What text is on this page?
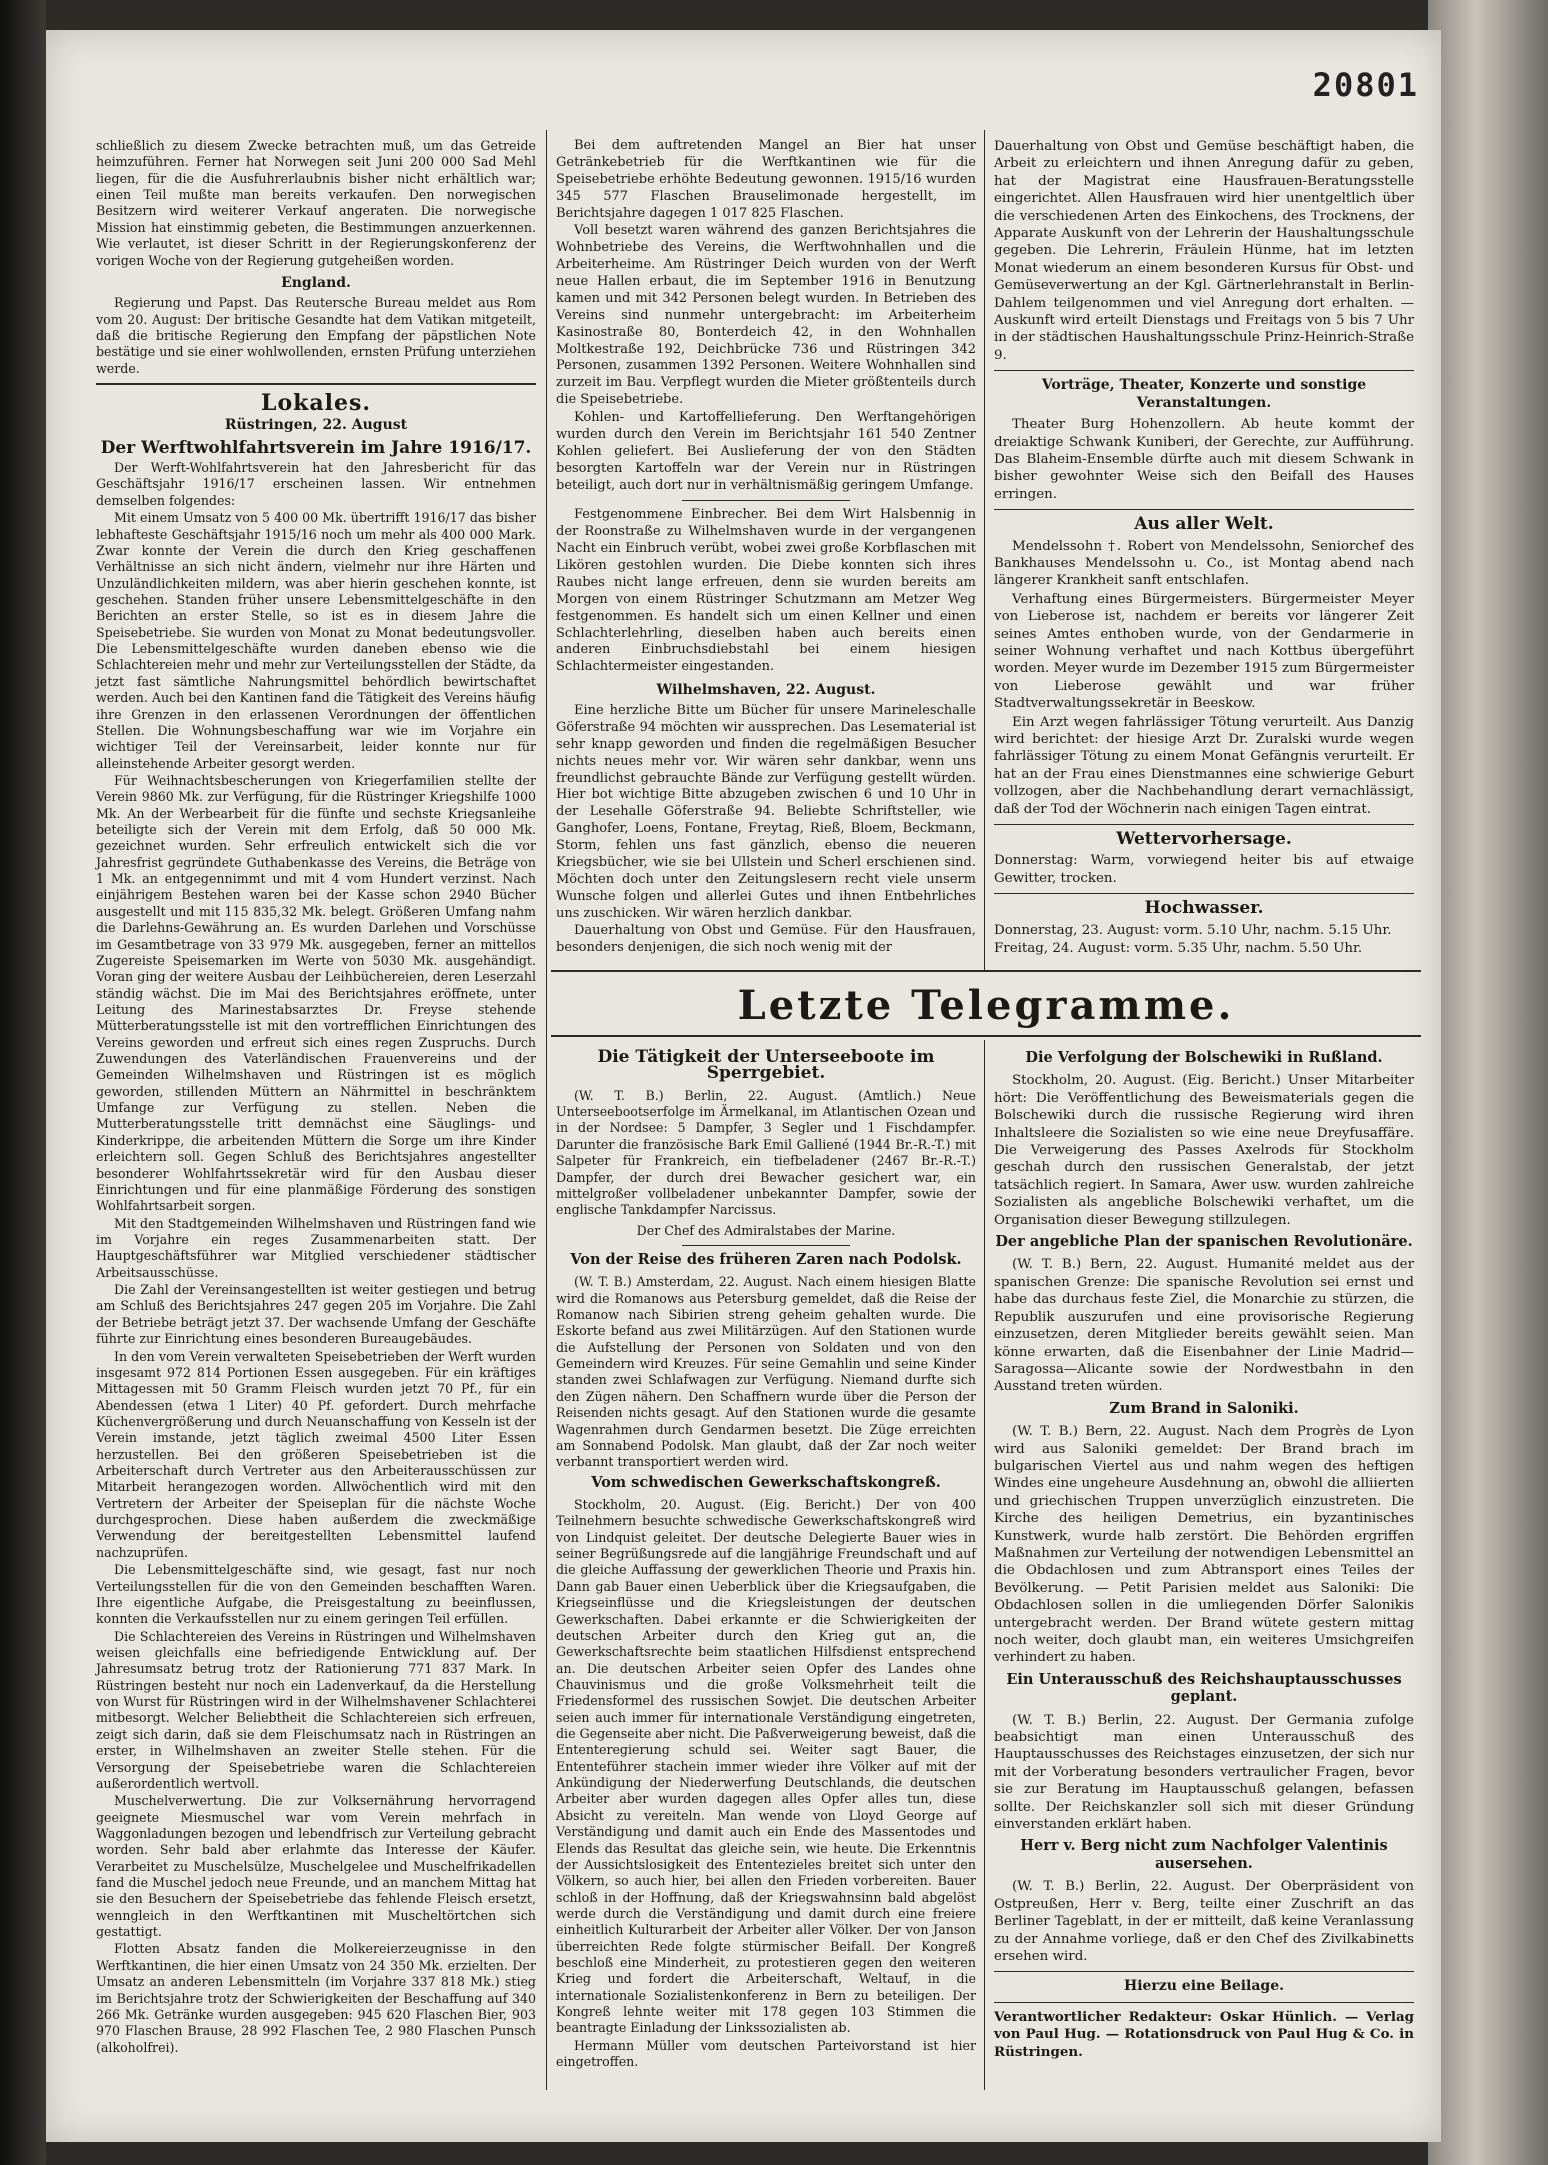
20801

schließlich zu diesem Zwecke betrachten muß, um das Getreide heimzuführen. Ferner hat Norwegen seit Juni 200 000 Sad Mehl liegen, für die die Ausfuhrerlaubnis bisher nicht erhältlich war; einen Teil mußte man bereits verkaufen. Den norwegischen Besitzern wird weiterer Verkauf angeraten. Die norwegische Mission hat einstimmig gebeten, die Bestimmungen anzuerkennen. Wie verlautet, ist dieser Schritt in der Regierungskonferenz der vorigen Woche von der Regierung gutgeheißen worden.

England.

Regierung und Papst. Das Reutersche Bureau meldet aus Rom vom 20. August: Der britische Gesandte hat dem Vatikan mitgeteilt, daß die britische Regierung den Empfang der päpstlichen Note bestätige und sie einer wohlwollenden, ernsten Prüfung unterziehen werde.

Lokales.
Rüstringen, 22. August
Der Werftwohlfahrtsverein im Jahre 1916/17.

Der Werft-Wohlfahrtsverein hat den Jahresbericht für das Geschäftsjahr 1916/17 erscheinen lassen. Wir entnehmen demselben folgendes:

Mit einem Umsatz von 5 400 00 Mk. übertrifft 1916/17 das bisher lebhafteste Geschäftsjahr 1915/16 noch um mehr als 400 000 Mark. Zwar konnte der Verein die durch den Krieg geschaffenen Verhältnisse an sich nicht ändern, vielmehr nur ihre Härten und Unzuländlichkeiten mildern, was aber hierin geschehen konnte, ist geschehen. Standen früher unsere Lebensmittelgeschäfte in den Berichten an erster Stelle, so ist es in diesem Jahre die Speisebetriebe. Sie wurden von Monat zu Monat bedeutungsvoller. Die Lebensmittelgeschäfte wurden daneben ebenso wie die Schlachtereien mehr und mehr zur Verteilungsstellen der Städte, da jetzt fast sämtliche Nahrungsmittel behördlich bewirtschaftet werden. Auch bei den Kantinen fand die Tätigkeit des Vereins häufig ihre Grenzen in den erlassenen Verordnungen der öffentlichen Stellen. Die Wohnungsbeschaffung war wie im Vorjahre ein wichtiger Teil der Vereinsarbeit, leider konnte nur für alleinstehende Arbeiter gesorgt werden.

Für Weihnachtsbescherungen von Kriegerfamilien stellte der Verein 9860 Mk. zur Verfügung, für die Rüstringer Kriegshilfe 1000 Mk. An der Werbearbeit für die fünfte und sechste Kriegsanleihe beteiligte sich der Verein mit dem Erfolg, daß 50 000 Mk. gezeichnet wurden. Sehr erfreulich entwickelt sich die vor Jahresfrist gegründete Guthabenkasse des Vereins, die Beträge von 1 Mk. an entgegennimmt und mit 4 vom Hundert verzinst. Nach einjährigem Bestehen waren bei der Kasse schon 2940 Bücher ausgestellt und mit 115 835,32 Mk. belegt. Größeren Umfang nahm die Darlehns-Gewährung an. Es wurden Darlehen und Vorschüsse im Gesamtbetrage von 33 979 Mk. ausgegeben, ferner an mittellos Zugereiste Speisemarken im Werte von 5030 Mk. ausgehändigt. Voran ging der weitere Ausbau der Leihbüchereien, deren Leserzahl ständig wächst. Die im Mai des Berichtsjahres eröffnete, unter Leitung des Marinestabsarztes Dr. Freyse stehende Mütterberatungsstelle ist mit den vortrefflichen Einrichtungen des Vereins geworden und erfreut sich eines regen Zuspruchs. Durch Zuwendungen des Vaterländischen Frauenvereins und der Gemeinden Wilhelmshaven und Rüstringen ist es möglich geworden, stillenden Müttern an Nährmittel in beschränktem Umfange zur Verfügung zu stellen. Neben die Mutterberatungsstelle tritt demnächst eine Säuglings- und Kinderkrippe, die arbeitenden Müttern die Sorge um ihre Kinder erleichtern soll. Gegen Schluß des Berichtsjahres angestellter besonderer Wohlfahrtssekretär wird für den Ausbau dieser Einrichtungen und für eine planmäßige Förderung des sonstigen Wohlfahrtsarbeit sorgen.

Mit den Stadtgemeinden Wilhelmshaven und Rüstringen fand wie im Vorjahre ein reges Zusammenarbeiten statt. Der Hauptgeschäftsführer war Mitglied verschiedener städtischer Arbeitsausschüsse.

Die Zahl der Vereinsangestellten ist weiter gestiegen und betrug am Schluß des Berichtsjahres 247 gegen 205 im Vorjahre. Die Zahl der Betriebe beträgt jetzt 37. Der wachsende Umfang der Geschäfte führte zur Einrichtung eines besonderen Bureaugebäudes.

In den vom Verein verwalteten Speisebetrieben der Werft wurden insgesamt 972 814 Portionen Essen ausgegeben. Für ein kräftiges Mittagessen mit 50 Gramm Fleisch wurden jetzt 70 Pf., für ein Abendessen (etwa 1 Liter) 40 Pf. gefordert. Durch mehrfache Küchenvergrößerung und durch Neuanschaffung von Kesseln ist der Verein imstande, jetzt täglich zweimal 4500 Liter Essen herzustellen. Bei den größeren Speisebetrieben ist die Arbeiterschaft durch Vertreter aus den Arbeiterausschüssen zur Mitarbeit herangezogen worden. Allwöchentlich wird mit den Vertretern der Arbeiter der Speiseplan für die nächste Woche durchgesprochen. Diese haben außerdem die zweckmäßige Verwendung der bereitgestellten Lebensmittel laufend nachzuprüfen.

Die Lebensmittelgeschäfte sind, wie gesagt, fast nur noch Verteilungsstellen für die von den Gemeinden beschafften Waren. Ihre eigentliche Aufgabe, die Preisgestaltung zu beeinflussen, konnten die Verkaufsstellen nur zu einem geringen Teil erfüllen.

Die Schlachtereien des Vereins in Rüstringen und Wilhelmshaven weisen gleichfalls eine befriedigende Entwicklung auf. Der Jahresumsatz betrug trotz der Rationierung 771 837 Mark. In Rüstringen besteht nur noch ein Ladenverkauf, da die Herstellung von Wurst für Rüstringen wird in der Wilhelmshavener Schlachterei mitbesorgt. Welcher Beliebtheit die Schlachtereien sich erfreuen, zeigt sich darin, daß sie dem Fleischumsatz nach in Rüstringen an erster, in Wilhelmshaven an zweiter Stelle stehen. Für die Versorgung der Speisebetriebe waren die Schlachtereien außerordentlich wertvoll.

Muschelverwertung. Die zur Volksernährung hervorragend geeignete Miesmuschel war vom Verein mehrfach in Waggonladungen bezogen und lebendfrisch zur Verteilung gebracht worden. Sehr bald aber erlahmte das Interesse der Käufer. Verarbeitet zu Muschelsülze, Muschelgelee und Muschelfrikadellen fand die Muschel jedoch neue Freunde, und an manchem Mittag hat sie den Besuchern der Speisebetriebe das fehlende Fleisch ersetzt, wenngleich in den Werftkantinen mit Muscheltörtchen sich gestattigt.

Flotten Absatz fanden die Molkereierzeugnisse in den Werftkantinen, die hier einen Umsatz von 24 350 Mk. erzielten. Der Umsatz an anderen Lebensmitteln (im Vorjahre 337 818 Mk.) stieg im Berichtsjahre trotz der Schwierigkeiten der Beschaffung auf 340 266 Mk. Getränke wurden ausgegeben: 945 620 Flaschen Bier, 903 970 Flaschen Brause, 28 992 Flaschen Tee, 2 980 Flaschen Punsch (alkoholfrei).

Bei dem auftretenden Mangel an Bier hat unser Getränkebetrieb für die Werftkantinen wie für die Speisebetriebe erhöhte Bedeutung gewonnen. 1915/16 wurden 345 577 Flaschen Brauselimonade hergestellt, im Berichtsjahre dagegen 1 017 825 Flaschen.

Voll besetzt waren während des ganzen Berichtsjahres die Wohnbetriebe des Vereins, die Werftwohnhallen und die Arbeiterheime. Am Rüstringer Deich wurden von der Werft neue Hallen erbaut, die im September 1916 in Benutzung kamen und mit 342 Personen belegt wurden. In Betrieben des Vereins sind nunmehr untergebracht: im Arbeiterheim Kasinostraße 80, Bonterdeich 42, in den Wohnhallen Moltkestraße 192, Deichbrücke 736 und Rüstringen 342 Personen, zusammen 1392 Personen. Weitere Wohnhallen sind zurzeit im Bau. Verpflegt wurden die Mieter größtenteils durch die Speisebetriebe.

Kohlen- und Kartoffellieferung. Den Werftangehörigen wurden durch den Verein im Berichtsjahr 161 540 Zentner Kohlen geliefert. Bei Auslieferung der von den Städten besorgten Kartoffeln war der Verein nur in Rüstringen beteiligt, auch dort nur in verhältnismäßig geringem Umfange.

Festgenommene Einbrecher. Bei dem Wirt Halsbennig in der Roonstraße zu Wilhelmshaven wurde in der vergangenen Nacht ein Einbruch verübt, wobei zwei große Korbflaschen mit Likören gestohlen wurden. Die Diebe konnten sich ihres Raubes nicht lange erfreuen, denn sie wurden bereits am Morgen von einem Rüstringer Schutzmann am Metzer Weg festgenommen. Es handelt sich um einen Kellner und einen Schlachterlehrling, dieselben haben auch bereits einen anderen Einbruchsdiebstahl bei einem hiesigen Schlachtermeister eingestanden.

Wilhelmshaven, 22. August.

Eine herzliche Bitte um Bücher für unsere Marineleschalle Göferstraße 94 möchten wir aussprechen. Das Lesematerial ist sehr knapp geworden und finden die regelmäßigen Besucher nichts neues mehr vor. Wir wären sehr dankbar, wenn uns freundlichst gebrauchte Bände zur Verfügung gestellt würden. Hier bot wichtige Bitte abzugeben zwischen 6 und 10 Uhr in der Lesehalle Göferstraße 94. Beliebte Schriftsteller, wie Ganghofer, Loens, Fontane, Freytag, Rieß, Bloem, Beckmann, Storm, fehlen uns fast gänzlich, ebenso die neueren Kriegsbücher, wie sie bei Ullstein und Scherl erschienen sind. Möchten doch unter den Zeitungslesern recht viele unserm Wunsche folgen und allerlei Gutes und ihnen Entbehrliches uns zuschicken. Wir wären herzlich dankbar.

Dauerhaltung von Obst und Gemüse. Für den Hausfrauen, besonders denjenigen, die sich noch wenig mit der

Dauerhaltung von Obst und Gemüse beschäftigt haben, die Arbeit zu erleichtern und ihnen Anregung dafür zu geben, hat der Magistrat eine Hausfrauen-Beratungsstelle eingerichtet. Allen Hausfrauen wird hier unentgeltlich über die verschiedenen Arten des Einkochens, des Trocknens, der Apparate Auskunft von der Lehrerin der Haushaltungsschule gegeben. Die Lehrerin, Fräulein Hünme, hat im letzten Monat wiederum an einem besonderen Kursus für Obst- und Gemüseverwertung an der Kgl. Gärtnerlehranstalt in Berlin-Dahlem teilgenommen und viel Anregung dort erhalten. — Auskunft wird erteilt Dienstags und Freitags von 5 bis 7 Uhr in der städtischen Haushaltungsschule Prinz-Heinrich-Straße 9.

Vorträge, Theater, Konzerte und sonstige Veranstaltungen.

Theater Burg Hohenzollern. Ab heute kommt der dreiaktige Schwank Kuniberi, der Gerechte, zur Aufführung. Das Blaheim-Ensemble dürfte auch mit diesem Schwank in bisher gewohnter Weise sich den Beifall des Hauses erringen.

Aus aller Welt.

Mendelssohn †. Robert von Mendelssohn, Seniorchef des Bankhauses Mendelssohn u. Co., ist Montag abend nach längerer Krankheit sanft entschlafen.

Verhaftung eines Bürgermeisters. Bürgermeister Meyer von Lieberose ist, nachdem er bereits vor längerer Zeit seines Amtes enthoben wurde, von der Gendarmerie in seiner Wohnung verhaftet und nach Kottbus übergeführt worden. Meyer wurde im Dezember 1915 zum Bürgermeister von Lieberose gewählt und war früher Stadtverwaltungssekretär in Beeskow.

Ein Arzt wegen fahrlässiger Tötung verurteilt. Aus Danzig wird berichtet: der hiesige Arzt Dr. Zuralski wurde wegen fahrlässiger Tötung zu einem Monat Gefängnis verurteilt. Er hat an der Frau eines Dienstmannes eine schwierige Geburt vollzogen, aber die Nachbehandlung derart vernachlässigt, daß der Tod der Wöchnerin nach einigen Tagen eintrat.

Wettervorhersage.

Donnerstag: Warm, vorwiegend heiter bis auf etwaige Gewitter, trocken.

Hochwasser.

Donnerstag, 23. August: vorm. 5.10 Uhr, nachm. 5.15 Uhr.

Freitag, 24. August: vorm. 5.35 Uhr, nachm. 5.50 Uhr.

Letzte Telegramme.
Die Tätigkeit der Unterseeboote im Sperrgebiet.

(W. T. B.) Berlin, 22. August. (Amtlich.) Neue Unterseebootserfolge im Ärmelkanal, im Atlantischen Ozean und in der Nordsee: 5 Dampfer, 3 Segler und 1 Fischdampfer. Darunter die französische Bark Emil Galliené (1944 Br.-R.-T.) mit Salpeter für Frankreich, ein tiefbeladener (2467 Br.-R.-T.) Dampfer, der durch drei Bewacher gesichert war, ein mittelgroßer vollbeladener unbekannter Dampfer, sowie der englische Tankdampfer Narcissus.

Der Chef des Admiralstabes der Marine.
Von der Reise des früheren Zaren nach Podolsk.

(W. T. B.) Amsterdam, 22. August. Nach einem hiesigen Blatte wird die Romanows aus Petersburg gemeldet, daß die Reise der Romanow nach Sibirien streng geheim gehalten wurde. Die Eskorte befand aus zwei Militärzügen. Auf den Stationen wurde die Aufstellung der Personen von Soldaten und von den Gemeindern wird Kreuzes. Für seine Gemahlin und seine Kinder standen zwei Schlafwagen zur Verfügung. Niemand durfte sich den Zügen nähern. Den Schaffnern wurde über die Person der Reisenden nichts gesagt. Auf den Stationen wurde die gesamte Wagenrahmen durch Gendarmen besetzt. Die Züge erreichten am Sonnabend Podolsk. Man glaubt, daß der Zar noch weiter verbannt transportiert werden wird.

Vom schwedischen Gewerkschaftskongreß.

Stockholm, 20. August. (Eig. Bericht.) Der von 400 Teilnehmern besuchte schwedische Gewerkschaftskongreß wird von Lindquist geleitet. Der deutsche Delegierte Bauer wies in seiner Begrüßungsrede auf die langjährige Freundschaft und auf die gleiche Auffassung der gewerklichen Theorie und Praxis hin. Dann gab Bauer einen Ueberblick über die Kriegsaufgaben, die Kriegseinflüsse und die Kriegsleistungen der deutschen Gewerkschaften. Dabei erkannte er die Schwierigkeiten der deutschen Arbeiter durch den Krieg gut an, die Gewerkschaftsrechte beim staatlichen Hilfsdienst entsprechend an. Die deutschen Arbeiter seien Opfer des Landes ohne Chauvinismus und die große Volksmehrheit teilt die Friedensformel des russischen Sowjet. Die deutschen Arbeiter seien auch immer für internationale Verständigung eingetreten, die Gegenseite aber nicht. Die Paßverweigerung beweist, daß die Ententeregierung schuld sei. Weiter sagt Bauer, die Ententeführer stachein immer wieder ihre Völker auf mit der Ankündigung der Niederwerfung Deutschlands, die deutschen Arbeiter aber wurden dagegen alles Opfer alles tun, diese Absicht zu vereiteln. Man wende von Lloyd George auf Verständigung und damit auch ein Ende des Massentodes und Elends das Resultat das gleiche sein, wie heute. Die Erkenntnis der Aussichtslosigkeit des Ententezieles breitet sich unter den Völkern, so auch hier, bei allen den Frieden vorbereiten. Bauer schloß in der Hoffnung, daß der Kriegswahnsinn bald abgelöst werde durch die Verständigung und damit durch eine freiere einheitlich Kulturarbeit der Arbeiter aller Völker. Der von Janson überreichten Rede folgte stürmischer Beifall. Der Kongreß beschloß eine Minderheit, zu protestieren gegen den weiteren Krieg und fordert die Arbeiterschaft, Weltauf, in die internationale Sozialistenkonferenz in Bern zu beteiligen. Der Kongreß lehnte weiter mit 178 gegen 103 Stimmen die beantragte Einladung der Linkssozialisten ab.

Hermann Müller vom deutschen Parteivorstand ist hier eingetroffen.

Die Verfolgung der Bolschewiki in Rußland.

Stockholm, 20. August. (Eig. Bericht.) Unser Mitarbeiter hört: Die Veröffentlichung des Beweismaterials gegen die Bolschewiki durch die russische Regierung wird ihren Inhaltsleere die Sozialisten so wie eine neue Dreyfusaffäre. Die Verweigerung des Passes Axelrods für Stockholm geschah durch den russischen Generalstab, der jetzt tatsächlich regiert. In Samara, Awer usw. wurden zahlreiche Sozialisten als angebliche Bolschewiki verhaftet, um die Organisation dieser Bewegung stillzulegen.

Der angebliche Plan der spanischen Revolutionäre.

(W. T. B.) Bern, 22. August. Humanité meldet aus der spanischen Grenze: Die spanische Revolution sei ernst und habe das durchaus feste Ziel, die Monarchie zu stürzen, die Republik auszurufen und eine provisorische Regierung einzusetzen, deren Mitglieder bereits gewählt seien. Man könne erwarten, daß die Eisenbahner der Linie Madrid—Saragossa—Alicante sowie der Nordwestbahn in den Ausstand treten würden.

Zum Brand in Saloniki.

(W. T. B.) Bern, 22. August. Nach dem Progrès de Lyon wird aus Saloniki gemeldet: Der Brand brach im bulgarischen Viertel aus und nahm wegen des heftigen Windes eine ungeheure Ausdehnung an, obwohl die alliierten und griechischen Truppen unverzüglich einzustreten. Die Kirche des heiligen Demetrius, ein byzantinisches Kunstwerk, wurde halb zerstört. Die Behörden ergriffen Maßnahmen zur Verteilung der notwendigen Lebensmittel an die Obdachlosen und zum Abtransport eines Teiles der Bevölkerung. — Petit Parisien meldet aus Saloniki: Die Obdachlosen sollen in die umliegenden Dörfer Salonikis untergebracht werden. Der Brand wütete gestern mittag noch weiter, doch glaubt man, ein weiteres Umsichgreifen verhindert zu haben.

Ein Unterausschuß des Reichshauptausschusses geplant.

(W. T. B.) Berlin, 22. August. Der Germania zufolge beabsichtigt man einen Unterausschuß des Hauptausschusses des Reichstages einzusetzen, der sich nur mit der Vorberatung besonders vertraulicher Fragen, bevor sie zur Beratung im Hauptausschuß gelangen, befassen sollte. Der Reichskanzler soll sich mit dieser Gründung einverstanden erklärt haben.

Herr v. Berg nicht zum Nachfolger Valentinis ausersehen.

(W. T. B.) Berlin, 22. August. Der Oberpräsident von Ostpreußen, Herr v. Berg, teilte einer Zuschrift an das Berliner Tageblatt, in der er mitteilt, daß keine Veranlassung zu der Annahme vorliege, daß er den Chef des Zivilkabinetts ersehen wird.

Hierzu eine Beilage.

Verantwortlicher Redakteur: Oskar Hünlich. — Verlag von Paul Hug. — Rotationsdruck von Paul Hug & Co. in Rüstringen.
